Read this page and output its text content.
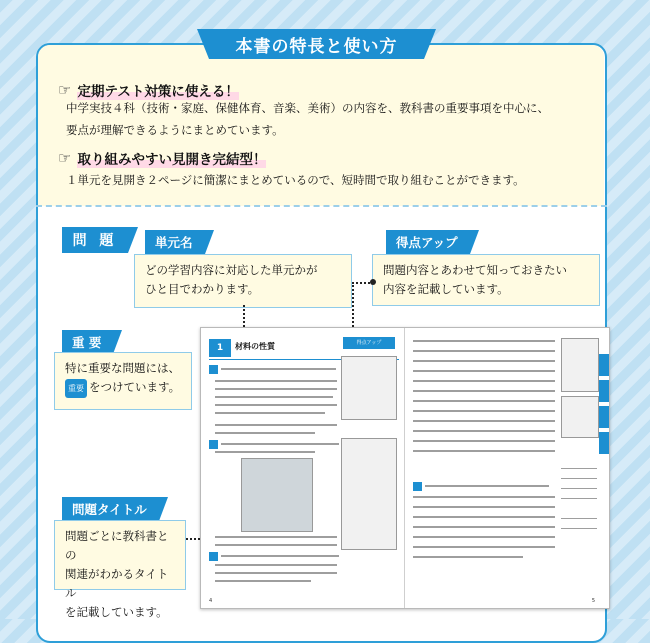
本書の特長と使い方
☞ 定期テスト対策に使える！
中学実技４科（技術・家庭、保健体育、音楽、美術）の内容を、教科書の重要事項を中心に、
要点が理解できるようにまとめています。
☞ 取り組みやすい見開き完結型！
１単元を見開き２ページに簡潔にまとめているので、短時間で取り組むことができます。
問 題	単元名
どの学習内容に対応した単元かが
ひと目でわかります。
得点アップ
問題内容とあわせて知っておきたい
内容を記載しています。
重 要
特に重要な問題には、
重要 をつけています。
問題タイトル
問題ごとに教科書との
関連がわかるタイトル
を記載しています。
1	材料の性質	得点アップ
4	5
